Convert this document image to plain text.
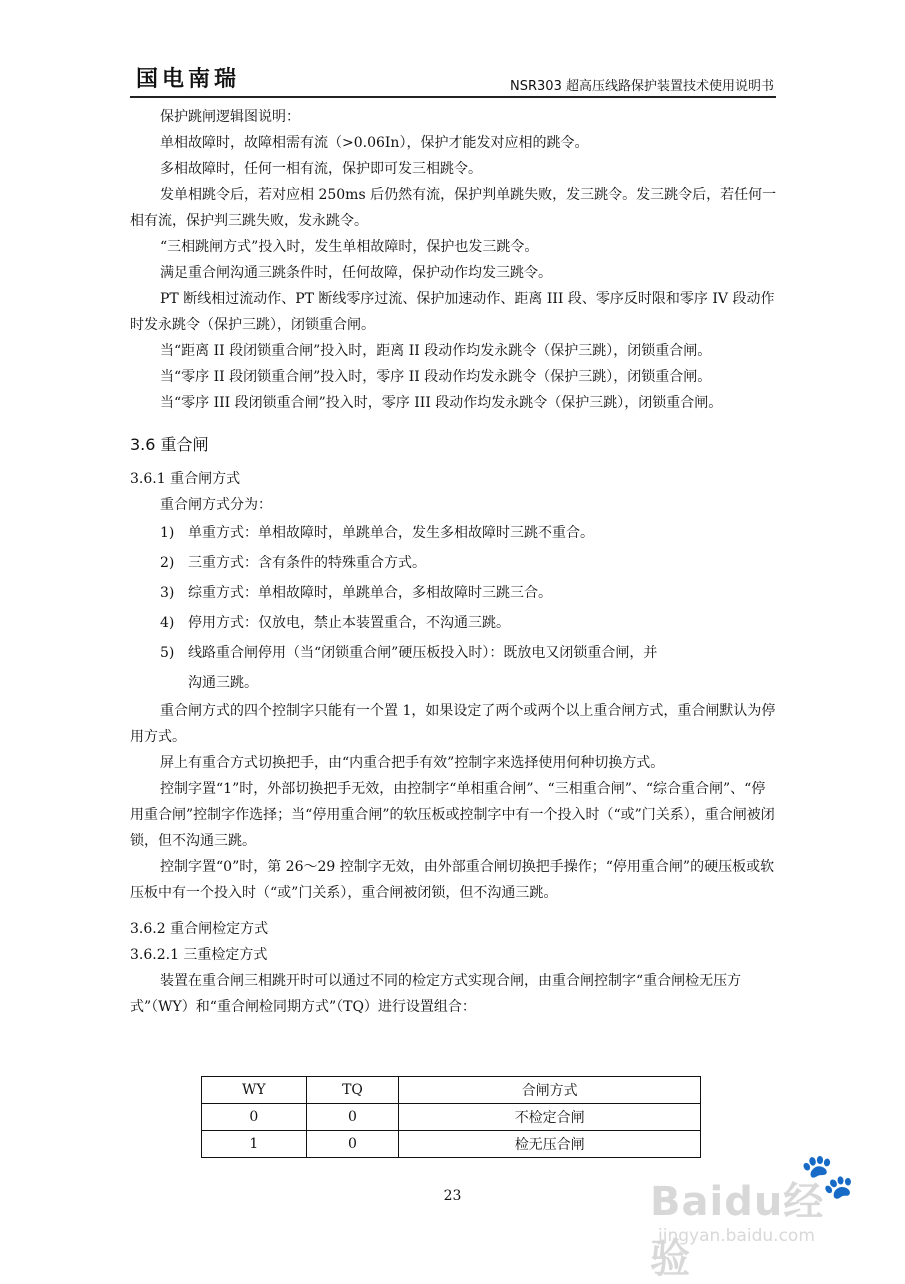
国电南瑞	NSR303 超高压线路保护装置技术使用说明书

保护跳闸逻辑图说明：

单相故障时，故障相需有流（>0.06In），保护才能发对应相的跳令。

多相故障时，任何一相有流，保护即可发三相跳令。

发单相跳令后，若对应相 250ms 后仍然有流，保护判单跳失败，发三跳令。发三跳令后，若任何一相有流，保护判三跳失败，发永跳令。

“三相跳闸方式”投入时，发生单相故障时，保护也发三跳令。

满足重合闸沟通三跳条件时，任何故障，保护动作均发三跳令。

PT 断线相过流动作、PT 断线零序过流、保护加速动作、距离 III 段、零序反时限和零序 IV 段动作时发永跳令（保护三跳），闭锁重合闸。

当“距离 II 段闭锁重合闸”投入时，距离 II 段动作均发永跳令（保护三跳），闭锁重合闸。

当“零序 II 段闭锁重合闸”投入时，零序 II 段动作均发永跳令（保护三跳），闭锁重合闸。

当“零序 III 段闭锁重合闸”投入时，零序 III 段动作均发永跳令（保护三跳），闭锁重合闸。

3.6 重合闸
3.6.1 重合闸方式

重合闸方式分为：

1) 单重方式：单相故障时，单跳单合，发生多相故障时三跳不重合。
2) 三重方式：含有条件的特殊重合方式。
3) 综重方式：单相故障时，单跳单合，多相故障时三跳三合。
4) 停用方式：仅放电，禁止本装置重合，不沟通三跳。
5) 线路重合闸停用（当“闭锁重合闸”硬压板投入时）：既放电又闭锁重合闸，并
沟通三跳。

重合闸方式的四个控制字只能有一个置 1，如果设定了两个或两个以上重合闸方式，重合闸默认为停用方式。

屏上有重合方式切换把手，由“内重合把手有效”控制字来选择使用何种切换方式。

控制字置“1”时，外部切换把手无效，由控制字“单相重合闸”、“三相重合闸”、“综合重合闸”、“停用重合闸”控制字作选择；当“停用重合闸”的软压板或控制字中有一个投入时（“或”门关系），重合闸被闭锁，但不沟通三跳。

控制字置“0”时，第 26～29 控制字无效，由外部重合闸切换把手操作；“停用重合闸”的硬压板或软压板中有一个投入时（“或”门关系），重合闸被闭锁，但不沟通三跳。

3.6.2 重合闸检定方式
3.6.2.1 三重检定方式

装置在重合闸三相跳开时可以通过不同的检定方式实现合闸，由重合闸控制字“重合闸检无压方式”（WY）和“重合闸检同期方式”（TQ）进行设置组合：

WY	TQ	合闸方式
0	0	不检定合闸
1	0	检无压合闸
23	🐾
Baidu经验
jingyan.baidu.com
